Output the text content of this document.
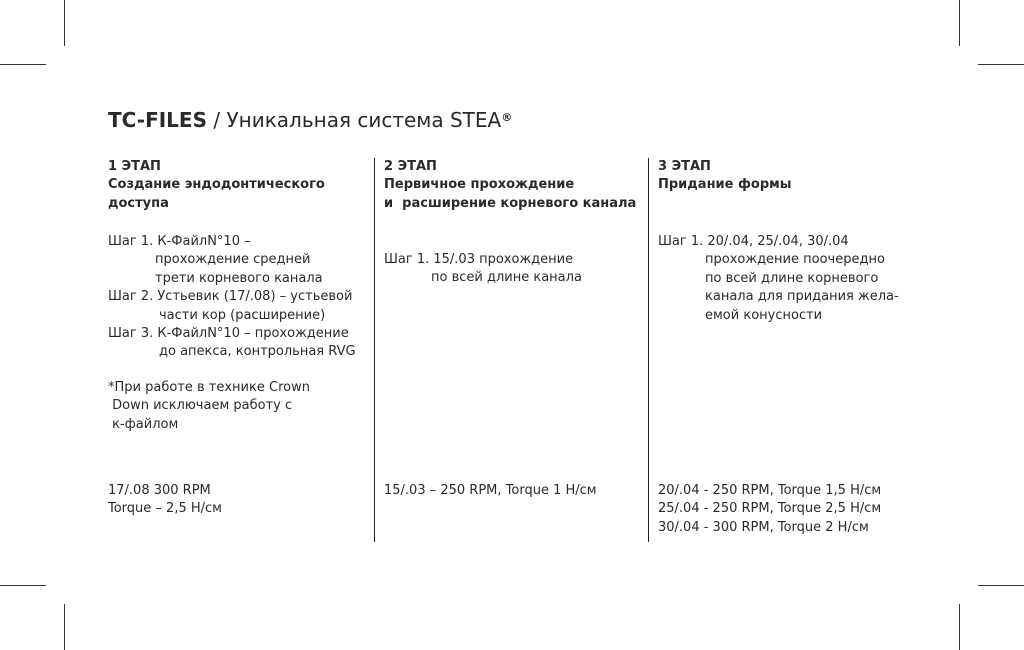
TC-FILES / Уникальная система STEA®
1 ЭТАП
Создание эндодонтического
доступа
Шаг 1. К-ФайлN°10 –
прохождение средней
трети корневого канала
Шаг 2. Устьевик (17/.08) – устьевой
части кор (расширение)
Шаг 3. К-ФайлN°10 – прохождение
до апекса, контрольная RVG
*При работе в технике Crown
Down исключаем работу с
к-файлом
17/.08 300 RPM
Torque – 2,5 Н/см
2 ЭТАП
Первичное прохождение
и  расширение корневого канала
Шаг 1. 15/.03 прохождение
по всей длине канала
15/.03 – 250 RPM, Torque 1 Н/см
3 ЭТАП
Придание формы
Шаг 1. 20/.04, 25/.04, 30/.04
прохождение поочередно
по всей длине корневого
канала для придания жела-
емой конусности
20/.04 - 250 RPM, Torque 1,5 Н/см
25/.04 - 250 RPM, Torque 2,5 Н/см
30/.04 - 300 RPM, Torque 2 Н/см
